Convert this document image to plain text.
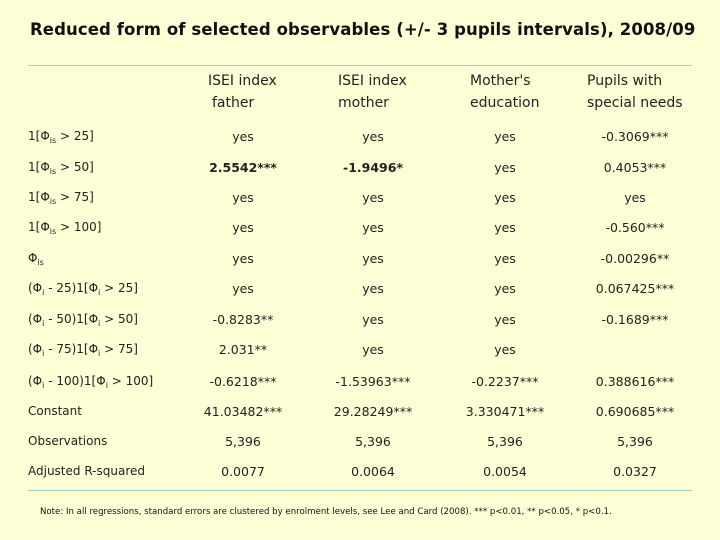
Reduced form of selected observables (+/- 3 pupils intervals), 2008/09
ISEI index
father
ISEI index
mother
Mother's
education
Pupils with
special needs
$1[\Phi_{is} > 25]$	yes	yes	yes	-0.3069***
$1[\Phi_{is} > 50]$	2.5542***	-1.9496*	yes	0.4053***
$1[\Phi_{is} > 75]$	yes	yes	yes	yes
$1[\Phi_{is} > 100]$	yes	yes	yes	-0.560***
$\Phi_{is}$	yes	yes	yes	-0.00296**
$(\Phi_i - 25)1[\Phi_i > 25]$	yes	yes	yes	0.067425***
$(\Phi_i - 50)1[\Phi_i > 50]$	-0.8283**	yes	yes	-0.1689***
$(\Phi_i - 75)1[\Phi_i > 75]$	2.031**	yes	yes
$(\Phi_i - 100)1[\Phi_i > 100]$	-0.6218***	-1.53963***	-0.2237***	0.388616***
Constant	41.03482***	29.28249***	3.330471***	0.690685***
Observations	5,396	5,396	5,396	5,396
Adjusted R-squared	0.0077	0.0064	0.0054	0.0327
Note: In all regressions, standard errors are clustered by enrolment levels, see Lee and Card (2008). *** p<0.01, ** p<0.05, * p<0.1.
